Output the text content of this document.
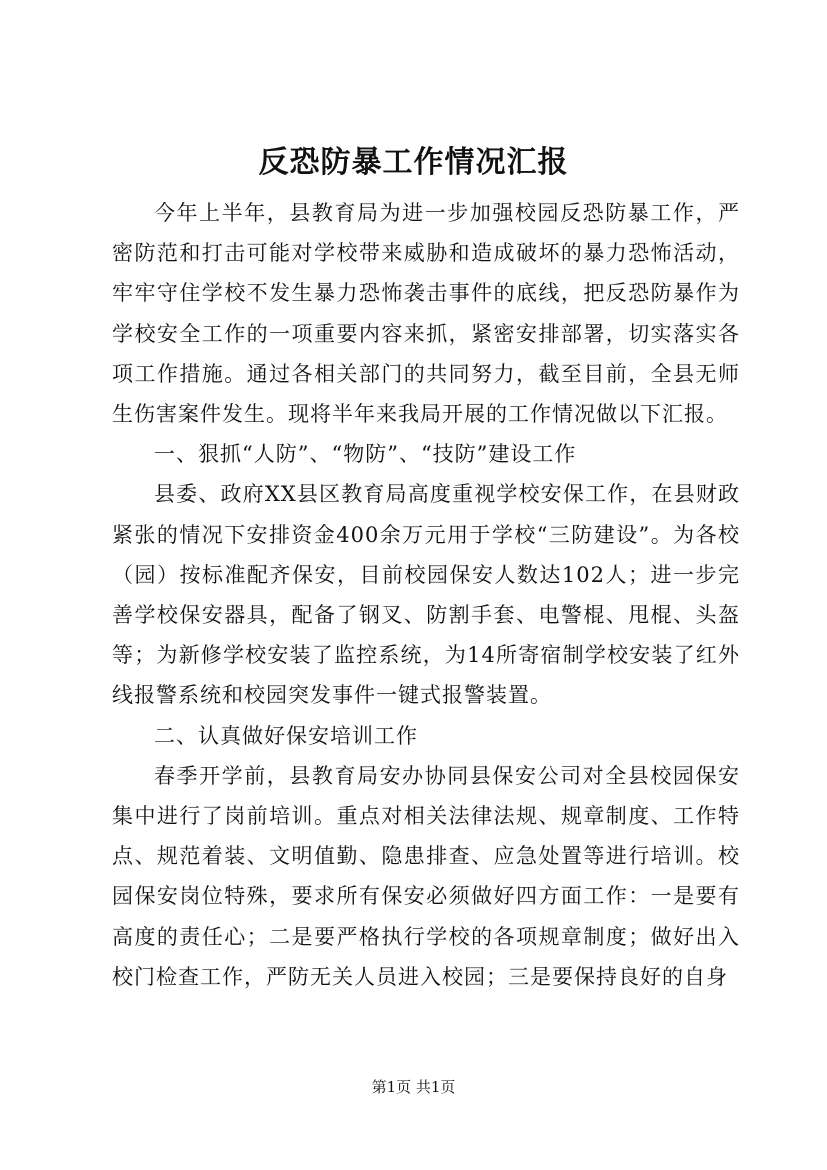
反恐防暴工作情况汇报

今年上半年，县教育局为进一步加强校园反恐防暴工作，严密防范和打击可能对学校带来威胁和造成破坏的暴力恐怖活动，牢牢守住学校不发生暴力恐怖袭击事件的底线，把反恐防暴作为学校安全工作的一项重要内容来抓，紧密安排部署，切实落实各项工作措施。通过各相关部门的共同努力，截至目前，全县无师生伤害案件发生。现将半年来我局开展的工作情况做以下汇报。

一、狠抓“人防”、“物防”、“技防”建设工作

县委、政府XX县区教育局高度重视学校安保工作，在县财政紧张的情况下安排资金400余万元用于学校“三防建设”。为各校（园）按标准配齐保安，目前校园保安人数达102人；进一步完善学校保安器具，配备了钢叉、防割手套、电警棍、甩棍、头盔等；为新修学校安装了监控系统，为14所寄宿制学校安装了红外线报警系统和校园突发事件一键式报警装置。

二、认真做好保安培训工作

春季开学前，县教育局安办协同县保安公司对全县校园保安集中进行了岗前培训。重点对相关法律法规、规章制度、工作特点、规范着装、文明值勤、隐患排查、应急处置等进行培训。校园保安岗位特殊，要求所有保安必须做好四方面工作：一是要有高度的责任心；二是要严格执行学校的各项规章制度；做好出入校门检查工作，严防无关人员进入校园；三是要保持良好的自身

第1页 共1页
